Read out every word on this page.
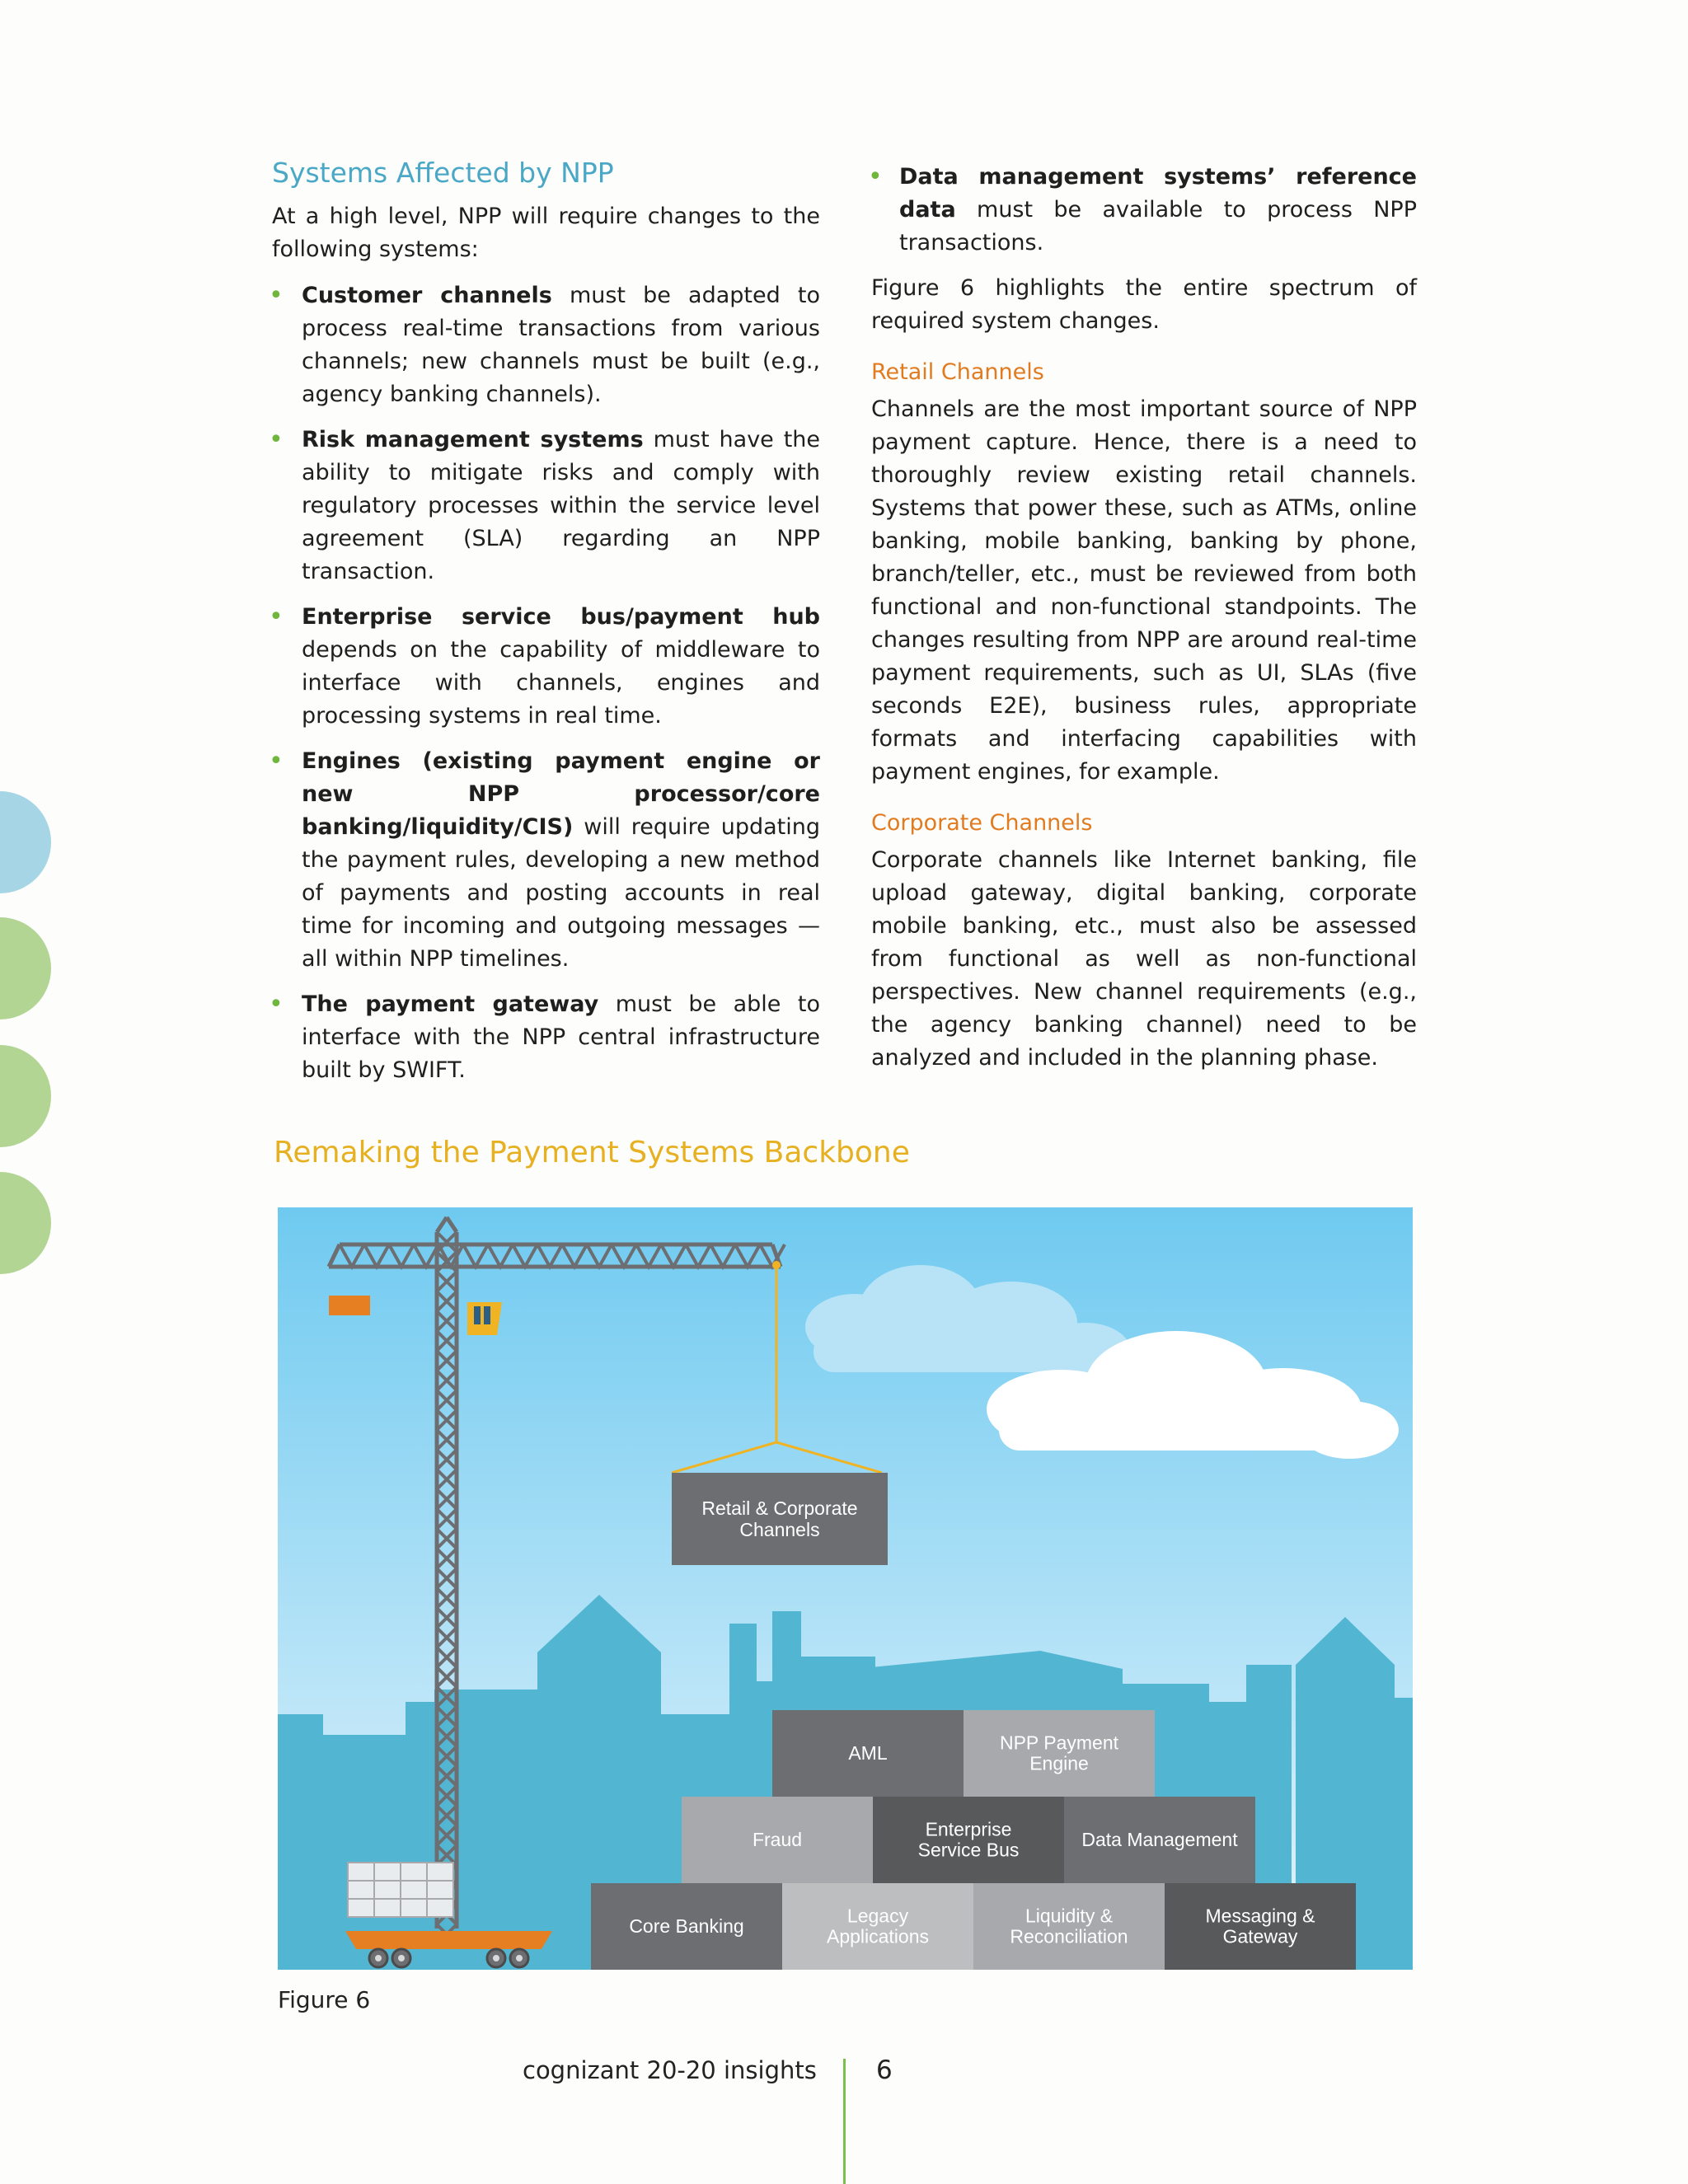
Systems Affected by NPP

At a high level, NPP will require changes to the following systems:

• Customer channels must be adapted to process real-time transactions from various channels; new channels must be built (e.g., agency banking channels).
• Risk management systems must have the ability to mitigate risks and comply with regulatory processes within the service level agreement (SLA) regarding an NPP transaction.
• Enterprise service bus/payment hub depends on the capability of middleware to interface with channels, engines and processing systems in real time.
• Engines (existing payment engine or new NPP processor/core banking/liquidity/CIS) will require updating the payment rules, developing a new method of payments and posting accounts in real time for incoming and outgoing messages — all within NPP timelines.
• The payment gateway must be able to interface with the NPP central infrastructure built by SWIFT.
• Data management systems’ reference data must be available to process NPP transactions.

Figure 6 highlights the entire spectrum of required system changes.

Retail Channels

Channels are the most important source of NPP payment capture. Hence, there is a need to thoroughly review existing retail channels. Systems that power these, such as ATMs, online banking, mobile banking, banking by phone, branch/teller, etc., must be reviewed from both functional and non-functional standpoints. The changes resulting from NPP are around real-time payment requirements, such as UI, SLAs (five seconds E2E), business rules, appropriate formats and interfacing capabilities with payment engines, for example.

Corporate Channels

Corporate channels like Internet banking, file upload gateway, digital banking, corporate mobile banking, etc., must also be assessed from functional as well as non-functional perspectives. New channel requirements (e.g., the agency banking channel) need to be analyzed and included in the planning phase.

Remaking the Payment Systems Backbone
Retail & Corporate Channels
AML	NPP Payment Engine
Fraud	Enterprise Service Bus	Data Management
Core Banking	Legacy Applications
Liquidity & Reconciliation
Messaging & Gateway
Figure 6
cognizant 20-20 insights 6
